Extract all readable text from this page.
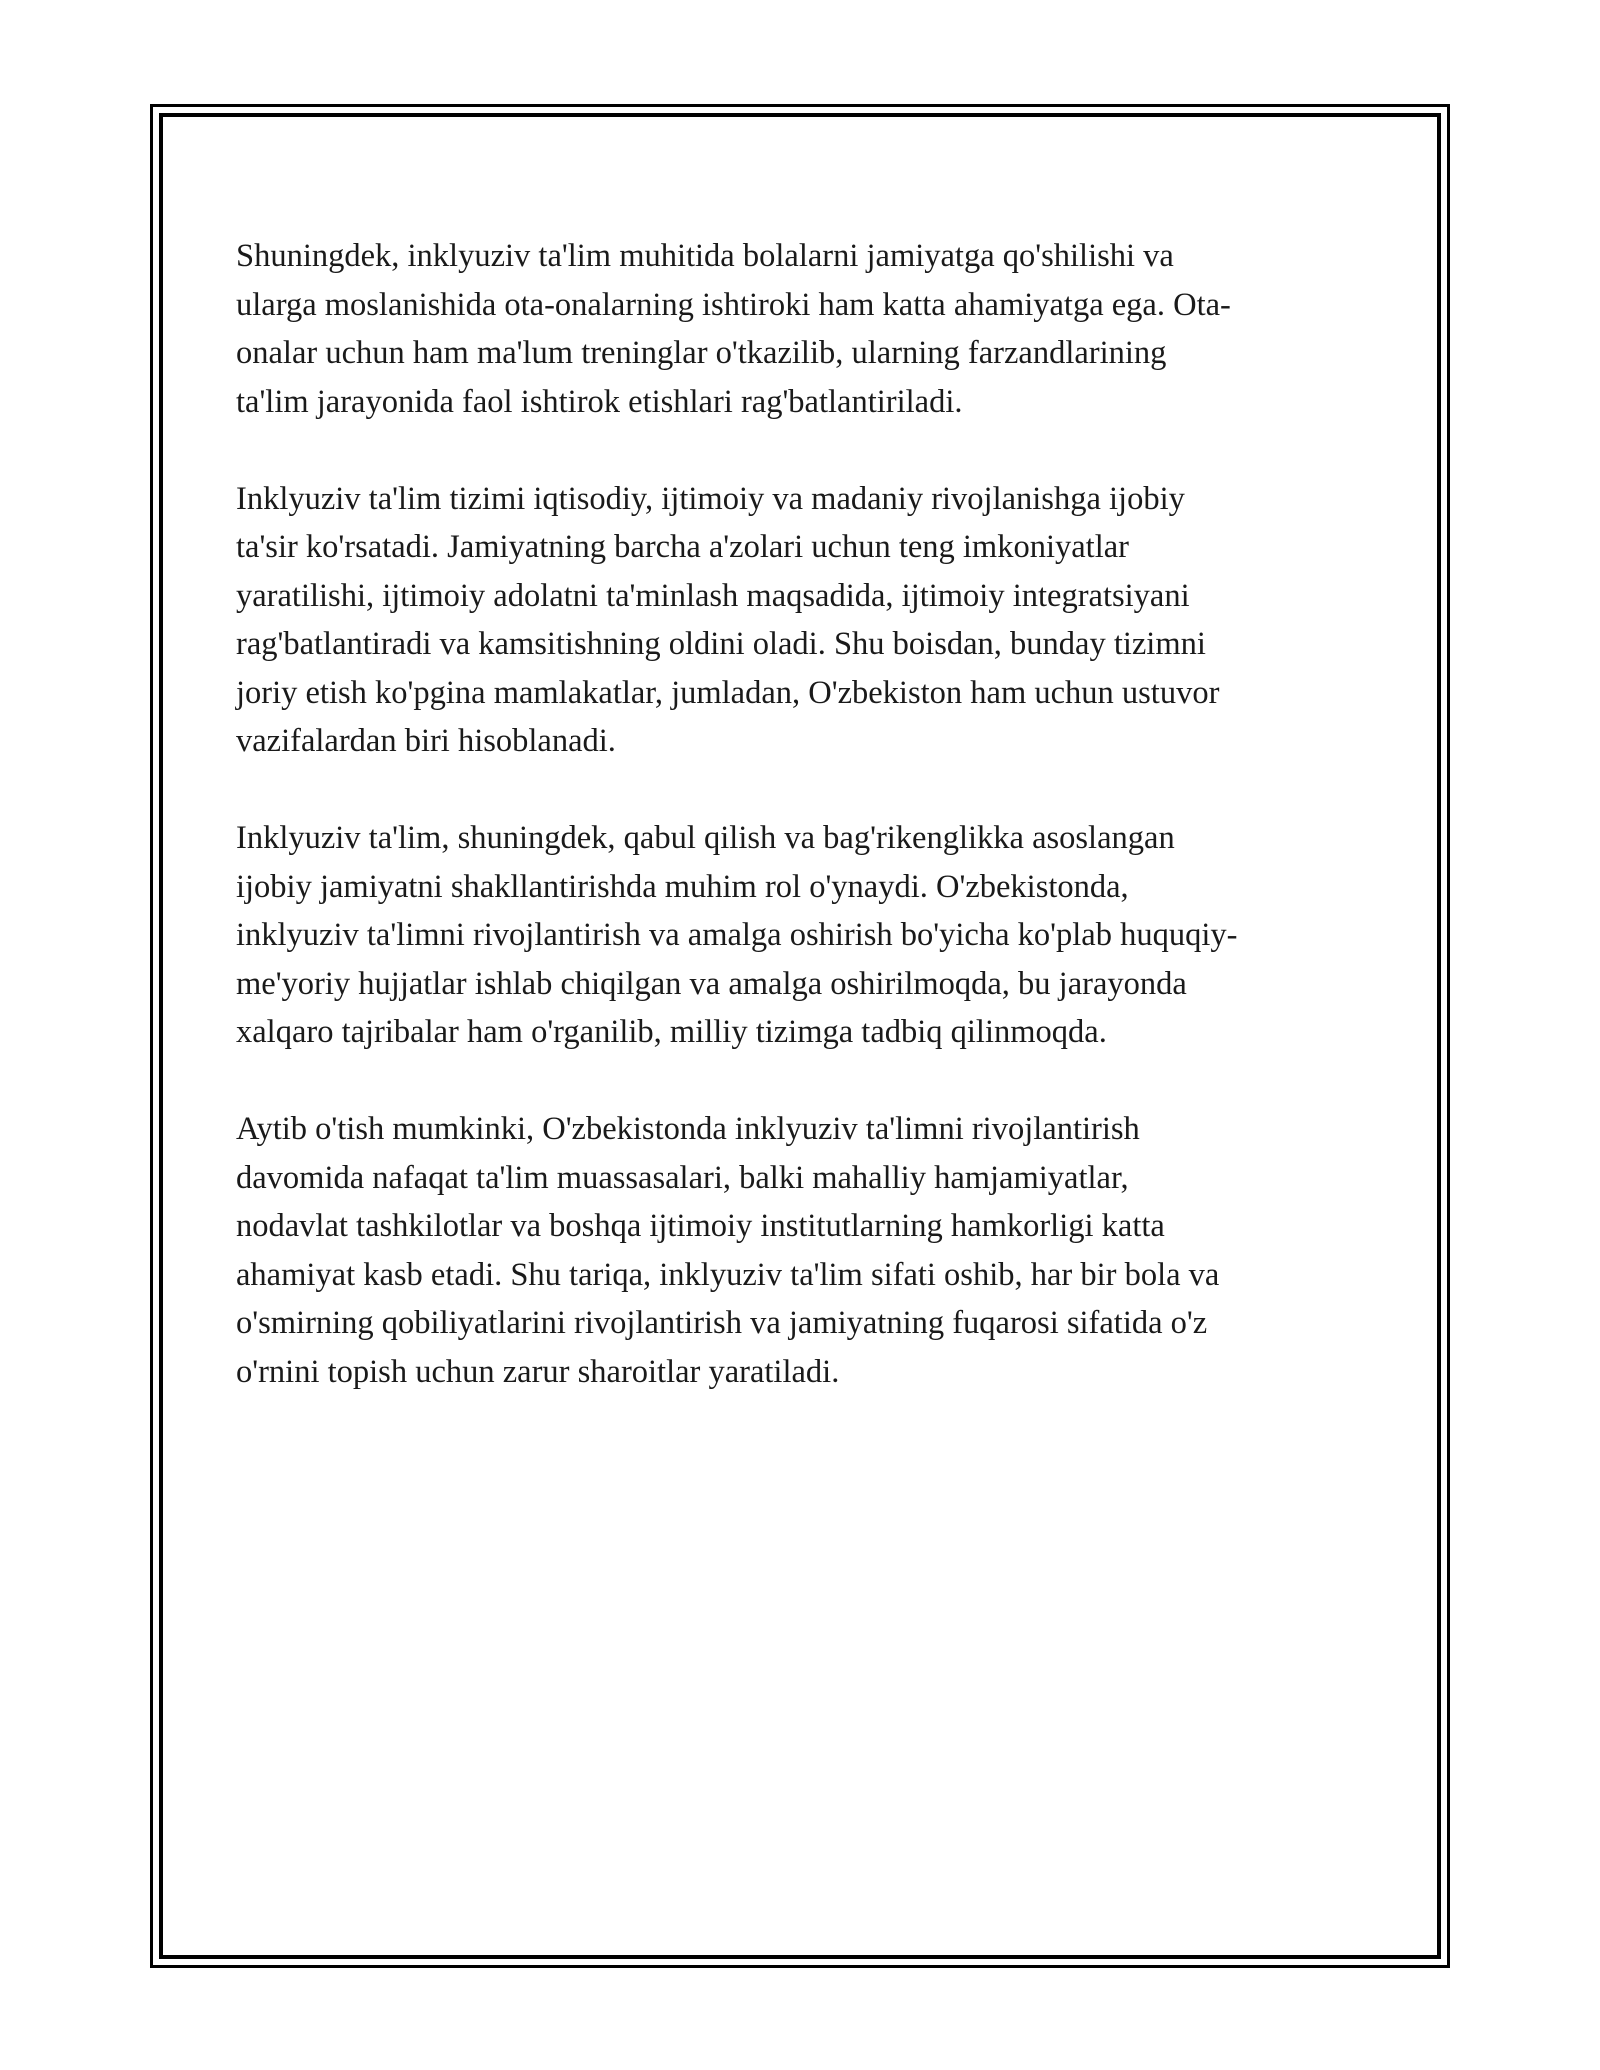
Shuningdek, inklyuziv ta'lim muhitida bolalarni jamiyatga qo'shilishi va
ularga moslanishida ota-onalarning ishtiroki ham katta ahamiyatga ega. Ota-
onalar uchun ham ma'lum treninglar o'tkazilib, ularning farzandlarining
ta'lim jarayonida faol ishtirok etishlari rag'batlantiriladi.

Inklyuziv ta'lim tizimi iqtisodiy, ijtimoiy va madaniy rivojlanishga ijobiy
ta'sir ko'rsatadi. Jamiyatning barcha a'zolari uchun teng imkoniyatlar
yaratilishi, ijtimoiy adolatni ta'minlash maqsadida, ijtimoiy integratsiyani
rag'batlantiradi va kamsitishning oldini oladi. Shu boisdan, bunday tizimni
joriy etish ko'pgina mamlakatlar, jumladan, O'zbekiston ham uchun ustuvor
vazifalardan biri hisoblanadi.

Inklyuziv ta'lim, shuningdek, qabul qilish va bag'rikenglikka asoslangan
ijobiy jamiyatni shakllantirishda muhim rol o'ynaydi. O'zbekistonda,
inklyuziv ta'limni rivojlantirish va amalga oshirish bo'yicha ko'plab huquqiy-
me'yoriy hujjatlar ishlab chiqilgan va amalga oshirilmoqda, bu jarayonda
xalqaro tajribalar ham o'rganilib, milliy tizimga tadbiq qilinmoqda.

Aytib o'tish mumkinki, O'zbekistonda inklyuziv ta'limni rivojlantirish
davomida nafaqat ta'lim muassasalari, balki mahalliy hamjamiyatlar,
nodavlat tashkilotlar va boshqa ijtimoiy institutlarning hamkorligi katta
ahamiyat kasb etadi. Shu tariqa, inklyuziv ta'lim sifati oshib, har bir bola va
o'smirning qobiliyatlarini rivojlantirish va jamiyatning fuqarosi sifatida o'z
o'rnini topish uchun zarur sharoitlar yaratiladi.
